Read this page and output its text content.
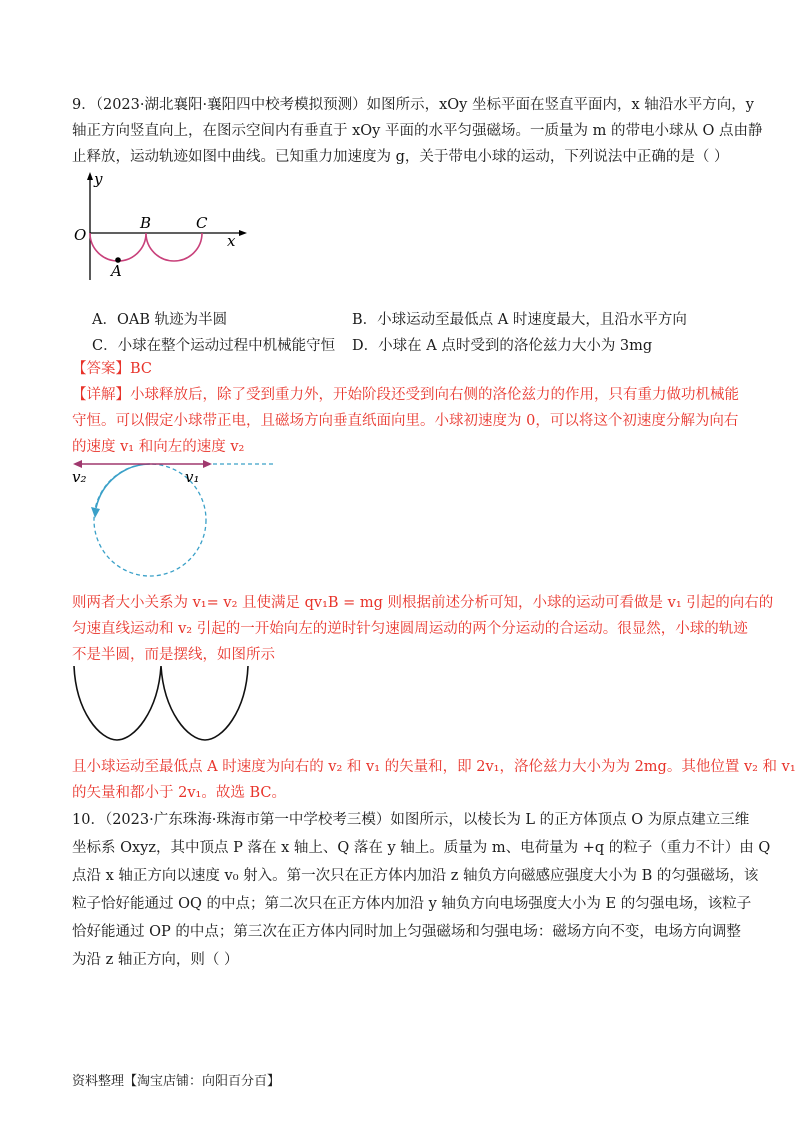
9．（2023·湖北襄阳·襄阳四中校考模拟预测）如图所示，xOy 坐标平面在竖直平面内，x 轴沿水平方向，y
轴正方向竖直向上，在图示空间内有垂直于 xOy 平面的水平匀强磁场。一质量为 m 的带电小球从 O 点由静
止释放，运动轨迹如图中曲线。已知重力加速度为 g，关于带电小球的运动，下列说法中正确的是（ ）
y
O
B	C
x
A
A．OAB 轨迹为半圆	B．小球运动至最低点 A 时速度最大，且沿水平方向
C．小球在整个运动过程中机械能守恒 D．小球在 A 点时受到的洛伦兹力大小为 3mg
【答案】BC
【详解】小球释放后，除了受到重力外，开始阶段还受到向右侧的洛伦兹力的作用，只有重力做功机械能
守恒。可以假定小球带正电，且磁场方向垂直纸面向里。小球初速度为 0，可以将这个初速度分解为向右
的速度 v₁ 和向左的速度 v₂
v₂	v₁
则两者大小关系为 v₁= v₂ 且使满足 qv₁B = mg 则根据前述分析可知，小球的运动可看做是 v₁ 引起的向右的
匀速直线运动和 v₂ 引起的一开始向左的逆时针匀速圆周运动的两个分运动的合运动。很显然，小球的轨迹
不是半圆，而是摆线，如图所示
且小球运动至最低点 A 时速度为向右的 v₂ 和 v₁ 的矢量和，即 2v₁，洛伦兹力大小为为 2mg。其他位置 v₂ 和 v₁
的矢量和都小于 2v₁。故选 BC。
10．（2023·广东珠海·珠海市第一中学校考三模）如图所示，以棱长为 L 的正方体顶点 O 为原点建立三维
坐标系 Oxyz，其中顶点 P 落在 x 轴上、Q 落在 y 轴上。质量为 m、电荷量为 +q 的粒子（重力不计）由 Q
点沿 x 轴正方向以速度 v₀ 射入。第一次只在正方体内加沿 z 轴负方向磁感应强度大小为 B 的匀强磁场，该
粒子恰好能通过 OQ 的中点；第二次只在正方体内加沿 y 轴负方向电场强度大小为 E 的匀强电场，该粒子
恰好能通过 OP 的中点；第三次在正方体内同时加上匀强磁场和匀强电场：磁场方向不变，电场方向调整
为沿 z 轴正方向，则（ ）
资料整理【淘宝店铺：向阳百分百】
